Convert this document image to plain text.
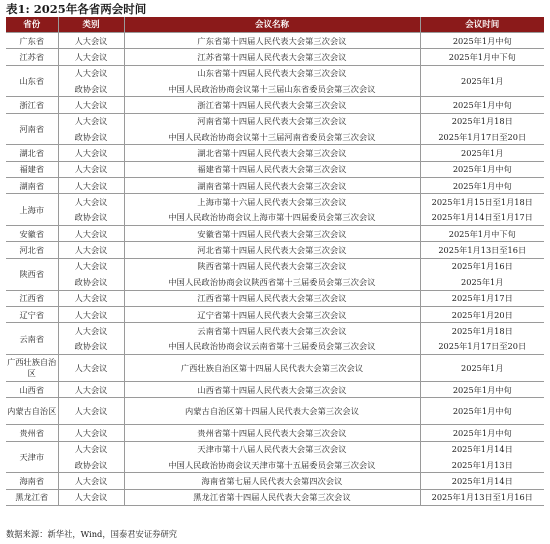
表1: 2025年各省两会时间
省份	类别	会议名称	会议时间
广东省	人大会议	广东省第十四届人民代表大会第三次会议	2025年1月中旬
江苏省	人大会议	江苏省第十四届人民代表大会第三次会议	2025年1月中下旬
山东省	人大会议	山东省第十四届人民代表大会第三次会议	2025年1月
	政协会议	中国人民政治协商会议第十三届山东省委员会第三次会议	
浙江省	人大会议	浙江省第十四届人民代表大会第三次会议	2025年1月中旬
河南省	人大会议	河南省第十四届人民代表大会第三次会议	2025年1月18日
	政协会议	中国人民政治协商会议第十三届河南省委员会第三次会议	2025年1月17日至20日
湖北省	人大会议	湖北省第十四届人民代表大会第三次会议	2025年1月
福建省	人大会议	福建省第十四届人民代表大会第三次会议	2025年1月中旬
湖南省	人大会议	湖南省第十四届人民代表大会第三次会议	2025年1月中旬
上海市	人大会议	上海市第十六届人民代表大会第三次会议	2025年1月15日至1月18日
	政协会议	中国人民政治协商会议上海市第十四届委员会第三次会议	2025年1月14日至1月17日
安徽省	人大会议	安徽省第十四届人民代表大会第三次会议	2025年1月中下旬
河北省	人大会议	河北省第十四届人民代表大会第三次会议	2025年1月13日至16日
陕西省	人大会议	陕西省第十四届人民代表大会第三次会议	2025年1月16日
	政协会议	中国人民政治协商会议陕西省第十三届委员会第三次会议	2025年1月
江西省	人大会议	江西省第十四届人民代表大会第三次会议	2025年1月17日
辽宁省	人大会议	辽宁省第十四届人民代表大会第三次会议	2025年1月20日
云南省	人大会议	云南省第十四届人民代表大会第三次会议	2025年1月18日
	政协会议	中国人民政治协商会议云南省第十三届委员会第三次会议	2025年1月17日至20日
广西壮族自治区	人大会议	广西壮族自治区第十四届人民代表大会第三次会议	2025年1月
山西省	人大会议	山西省第十四届人民代表大会第三次会议	2025年1月中旬
内蒙古自治区	人大会议	内蒙古自治区第十四届人民代表大会第三次会议	2025年1月中旬
贵州省	人大会议	贵州省第十四届人民代表大会第三次会议	2025年1月中旬
天津市	人大会议	天津市第十八届人民代表大会第三次会议	2025年1月14日
	政协会议	中国人民政治协商会议天津市第十五届委员会第三次会议	2025年1月13日
海南省	人大会议	海南省第七届人民代表大会第四次会议	2025年1月14日
黑龙江省	人大会议	黑龙江省第十四届人民代表大会第三次会议	2025年1月13日至1月16日
数据来源：新华社，Wind，国泰君安证券研究
